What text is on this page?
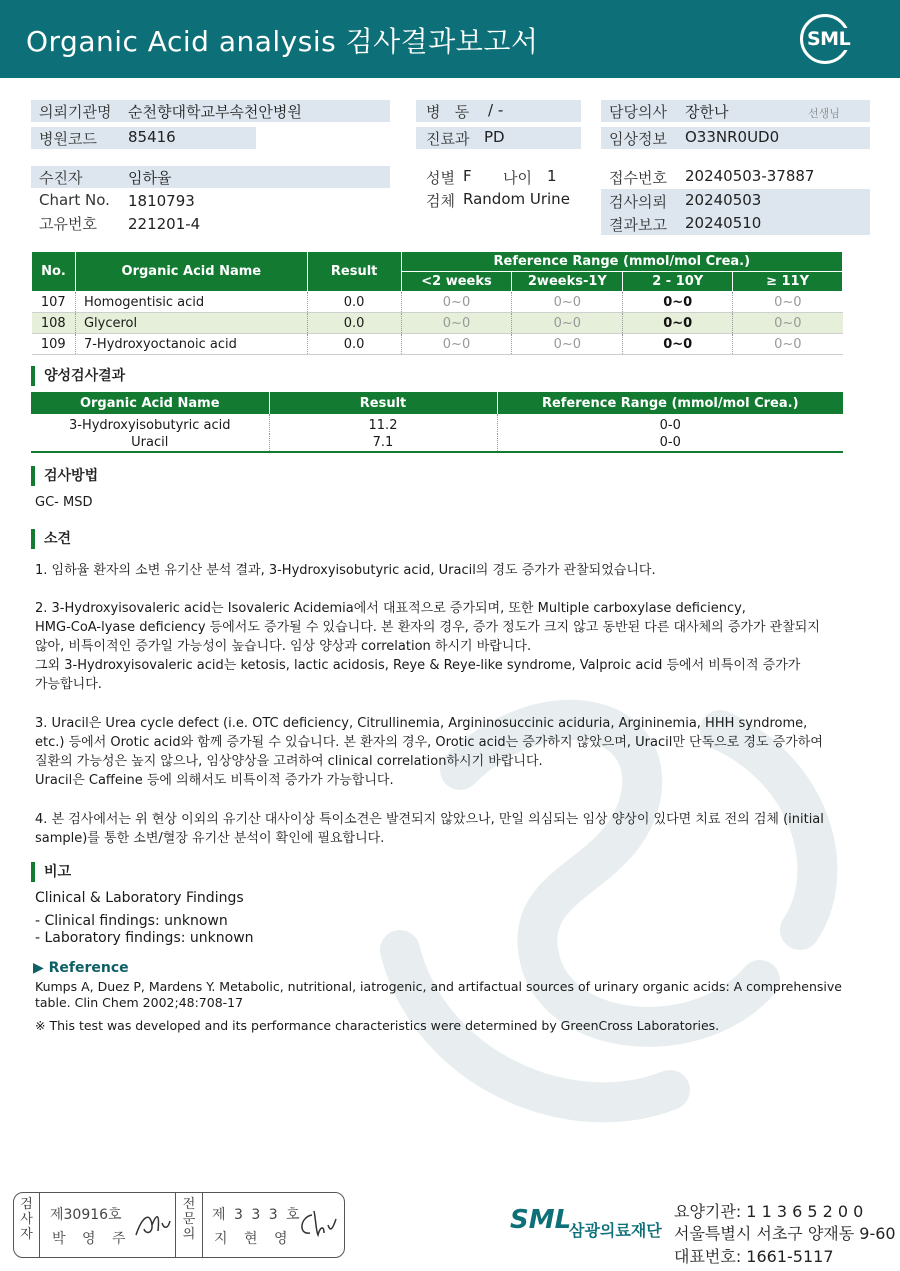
Organic Acid analysis 검사결과보고서	SML
의뢰기관명 순천향대학교부속천안병원
병원코드 85416
병   동 / -
진료과 PD
담당의사 장한나	선생님
임상정보 O33NR0UD0
수진자	임하율
Chart No. 1810793
고유번호 221201-4
성별 F 나이 1
검체 Random Urine
접수번호 20240503-37887
검사의뢰 20240503
결과보고 20240510
No.	Organic Acid Name	Result	Reference Range (mmol/mol Crea.)			
			<2 weeks	2weeks-1Y	2 - 10Y	≥ 11Y
107	Homogentisic acid	0.0	0~0	0~0	0~0	0~0
108	Glycerol	0.0	0~0	0~0	0~0	0~0
109	7-Hydroxyoctanoic acid	0.0	0~0	0~0	0~0	0~0
양성검사결과
Organic Acid Name	Result	Reference Range (mmol/mol Crea.)
3-Hydroxyisobutyric acid	11.2	0-0
Uracil	7.1	0-0
검사방법
GC- MSD
소견
1. 임하율 환자의 소변 유기산 분석 결과, 3-Hydroxyisobutyric acid, Uracil의 경도 증가가 관찰되었습니다.
2. 3-Hydroxyisovaleric acid는 Isovaleric Acidemia에서 대표적으로 증가되며, 또한 Multiple carboxylase deficiency,
HMG-CoA-lyase deficiency 등에서도 증가될 수 있습니다. 본 환자의 경우, 증가 정도가 크지 않고 동반된 다른 대사체의 증가가 관찰되지
않아, 비특이적인 증가일 가능성이 높습니다. 임상 양상과 correlation 하시기 바랍니다.
그외 3-Hydroxyisovaleric acid는 ketosis, lactic acidosis, Reye & Reye-like syndrome, Valproic acid 등에서 비특이적 증가가
가능합니다.
3. Uracil은 Urea cycle defect (i.e. OTC deficiency, Citrullinemia, Argininosuccinic aciduria, Argininemia, HHH syndrome,
etc.) 등에서 Orotic acid와 함께 증가될 수 있습니다. 본 환자의 경우, Orotic acid는 증가하지 않았으며, Uracil만 단독으로 경도 증가하여
질환의 가능성은 높지 않으나, 임상양상을 고려하여 clinical correlation하시기 바랍니다.
Uracil은 Caffeine 등에 의해서도 비특이적 증가가 가능합니다.
4. 본 검사에서는 위 현상 이외의 유기산 대사이상 특이소견은 발견되지 않았으나, 만일 의심되는 임상 양상이 있다면 치료 전의 검체 (initial
sample)를 통한 소변/혈장 유기산 분석이 확인에 필요합니다.
비고
Clinical & Laboratory Findings
- Clinical findings: unknown
- Laboratory findings: unknown
▶ Reference
Kumps A, Duez P, Mardens Y. Metabolic, nutritional, iatrogenic, and artifactual sources of urinary organic acids: A comprehensive
table. Clin Chem 2002;48:708-17
※ This test was developed and its performance characteristics were determined by GreenCross Laboratories.
검사자
제30916호
박 영 주
전문의
제 3 3 3 호
지 현 영
SML
삼광의료재단
요양기관: 1 1 3 6 5 2 0 0
서울특별시 서초구 양재동 9-60
대표번호: 1661-5117
